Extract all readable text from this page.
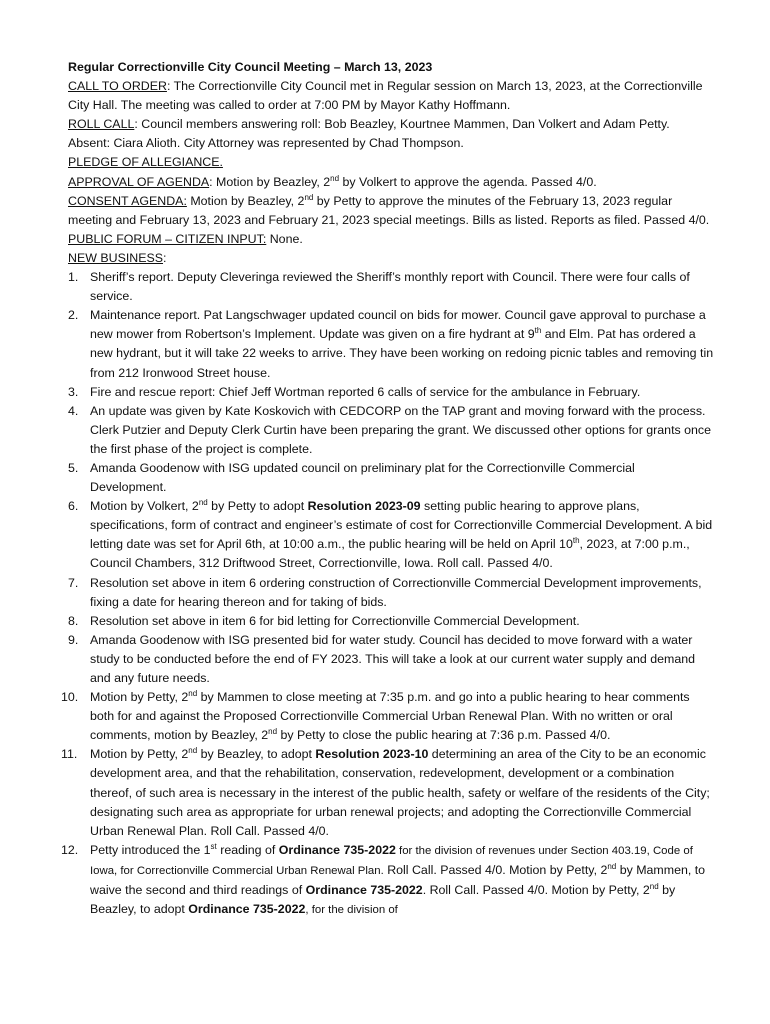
Regular Correctionville City Council Meeting – March 13, 2023

CALL TO ORDER: The Correctionville City Council met in Regular session on March 13, 2023, at the Correctionville City Hall. The meeting was called to order at 7:00 PM by Mayor Kathy Hoffmann.

ROLL CALL: Council members answering roll: Bob Beazley, Kourtnee Mammen, Dan Volkert and Adam Petty. Absent: Ciara Alioth. City Attorney was represented by Chad Thompson.

PLEDGE OF ALLEGIANCE.

APPROVAL OF AGENDA: Motion by Beazley, 2nd by Volkert to approve the agenda. Passed 4/0.

CONSENT AGENDA: Motion by Beazley, 2nd by Petty to approve the minutes of the February 13, 2023 regular meeting and February 13, 2023 and February 21, 2023 special meetings. Bills as listed. Reports as filed. Passed 4/0.

PUBLIC FORUM – CITIZEN INPUT: None.

NEW BUSINESS:

1. Sheriff’s report. Deputy Cleveringa reviewed the Sheriff’s monthly report with Council. There were four calls of service.
2. Maintenance report. Pat Langschwager updated council on bids for mower. Council gave approval to purchase a new mower from Robertson’s Implement. Update was given on a fire hydrant at 9th and Elm. Pat has ordered a new hydrant, but it will take 22 weeks to arrive. They have been working on redoing picnic tables and removing tin from 212 Ironwood Street house.
3. Fire and rescue report: Chief Jeff Wortman reported 6 calls of service for the ambulance in February.
4. An update was given by Kate Koskovich with CEDCORP on the TAP grant and moving forward with the process. Clerk Putzier and Deputy Clerk Curtin have been preparing the grant. We discussed other options for grants once the first phase of the project is complete.
5. Amanda Goodenow with ISG updated council on preliminary plat for the Correctionville Commercial Development.
6. Motion by Volkert, 2nd by Petty to adopt Resolution 2023-09 setting public hearing to approve plans, specifications, form of contract and engineer’s estimate of cost for Correctionville Commercial Development. A bid letting date was set for April 6th, at 10:00 a.m., the public hearing will be held on April 10th, 2023, at 7:00 p.m., Council Chambers, 312 Driftwood Street, Correctionville, Iowa. Roll call. Passed 4/0.
7. Resolution set above in item 6 ordering construction of Correctionville Commercial Development improvements, fixing a date for hearing thereon and for taking of bids.
8. Resolution set above in item 6 for bid letting for Correctionville Commercial Development.
9. Amanda Goodenow with ISG presented bid for water study. Council has decided to move forward with a water study to be conducted before the end of FY 2023. This will take a look at our current water supply and demand and any future needs.
10. Motion by Petty, 2nd by Mammen to close meeting at 7:35 p.m. and go into a public hearing to hear comments both for and against the Proposed Correctionville Commercial Urban Renewal Plan. With no written or oral comments, motion by Beazley, 2nd by Petty to close the public hearing at 7:36 p.m. Passed 4/0.
11. Motion by Petty, 2nd by Beazley, to adopt Resolution 2023-10 determining an area of the City to be an economic development area, and that the rehabilitation, conservation, redevelopment, development or a combination thereof, of such area is necessary in the interest of the public health, safety or welfare of the residents of the City; designating such area as appropriate for urban renewal projects; and adopting the Correctionville Commercial Urban Renewal Plan. Roll Call. Passed 4/0.
12. Petty introduced the 1st reading of Ordinance 735-2022 for the division of revenues under Section 403.19, Code of Iowa, for Correctionville Commercial Urban Renewal Plan. Roll Call. Passed 4/0. Motion by Petty, 2nd by Mammen, to waive the second and third readings of Ordinance 735-2022. Roll Call. Passed 4/0. Motion by Petty, 2nd by Beazley, to adopt Ordinance 735-2022, for the division of
